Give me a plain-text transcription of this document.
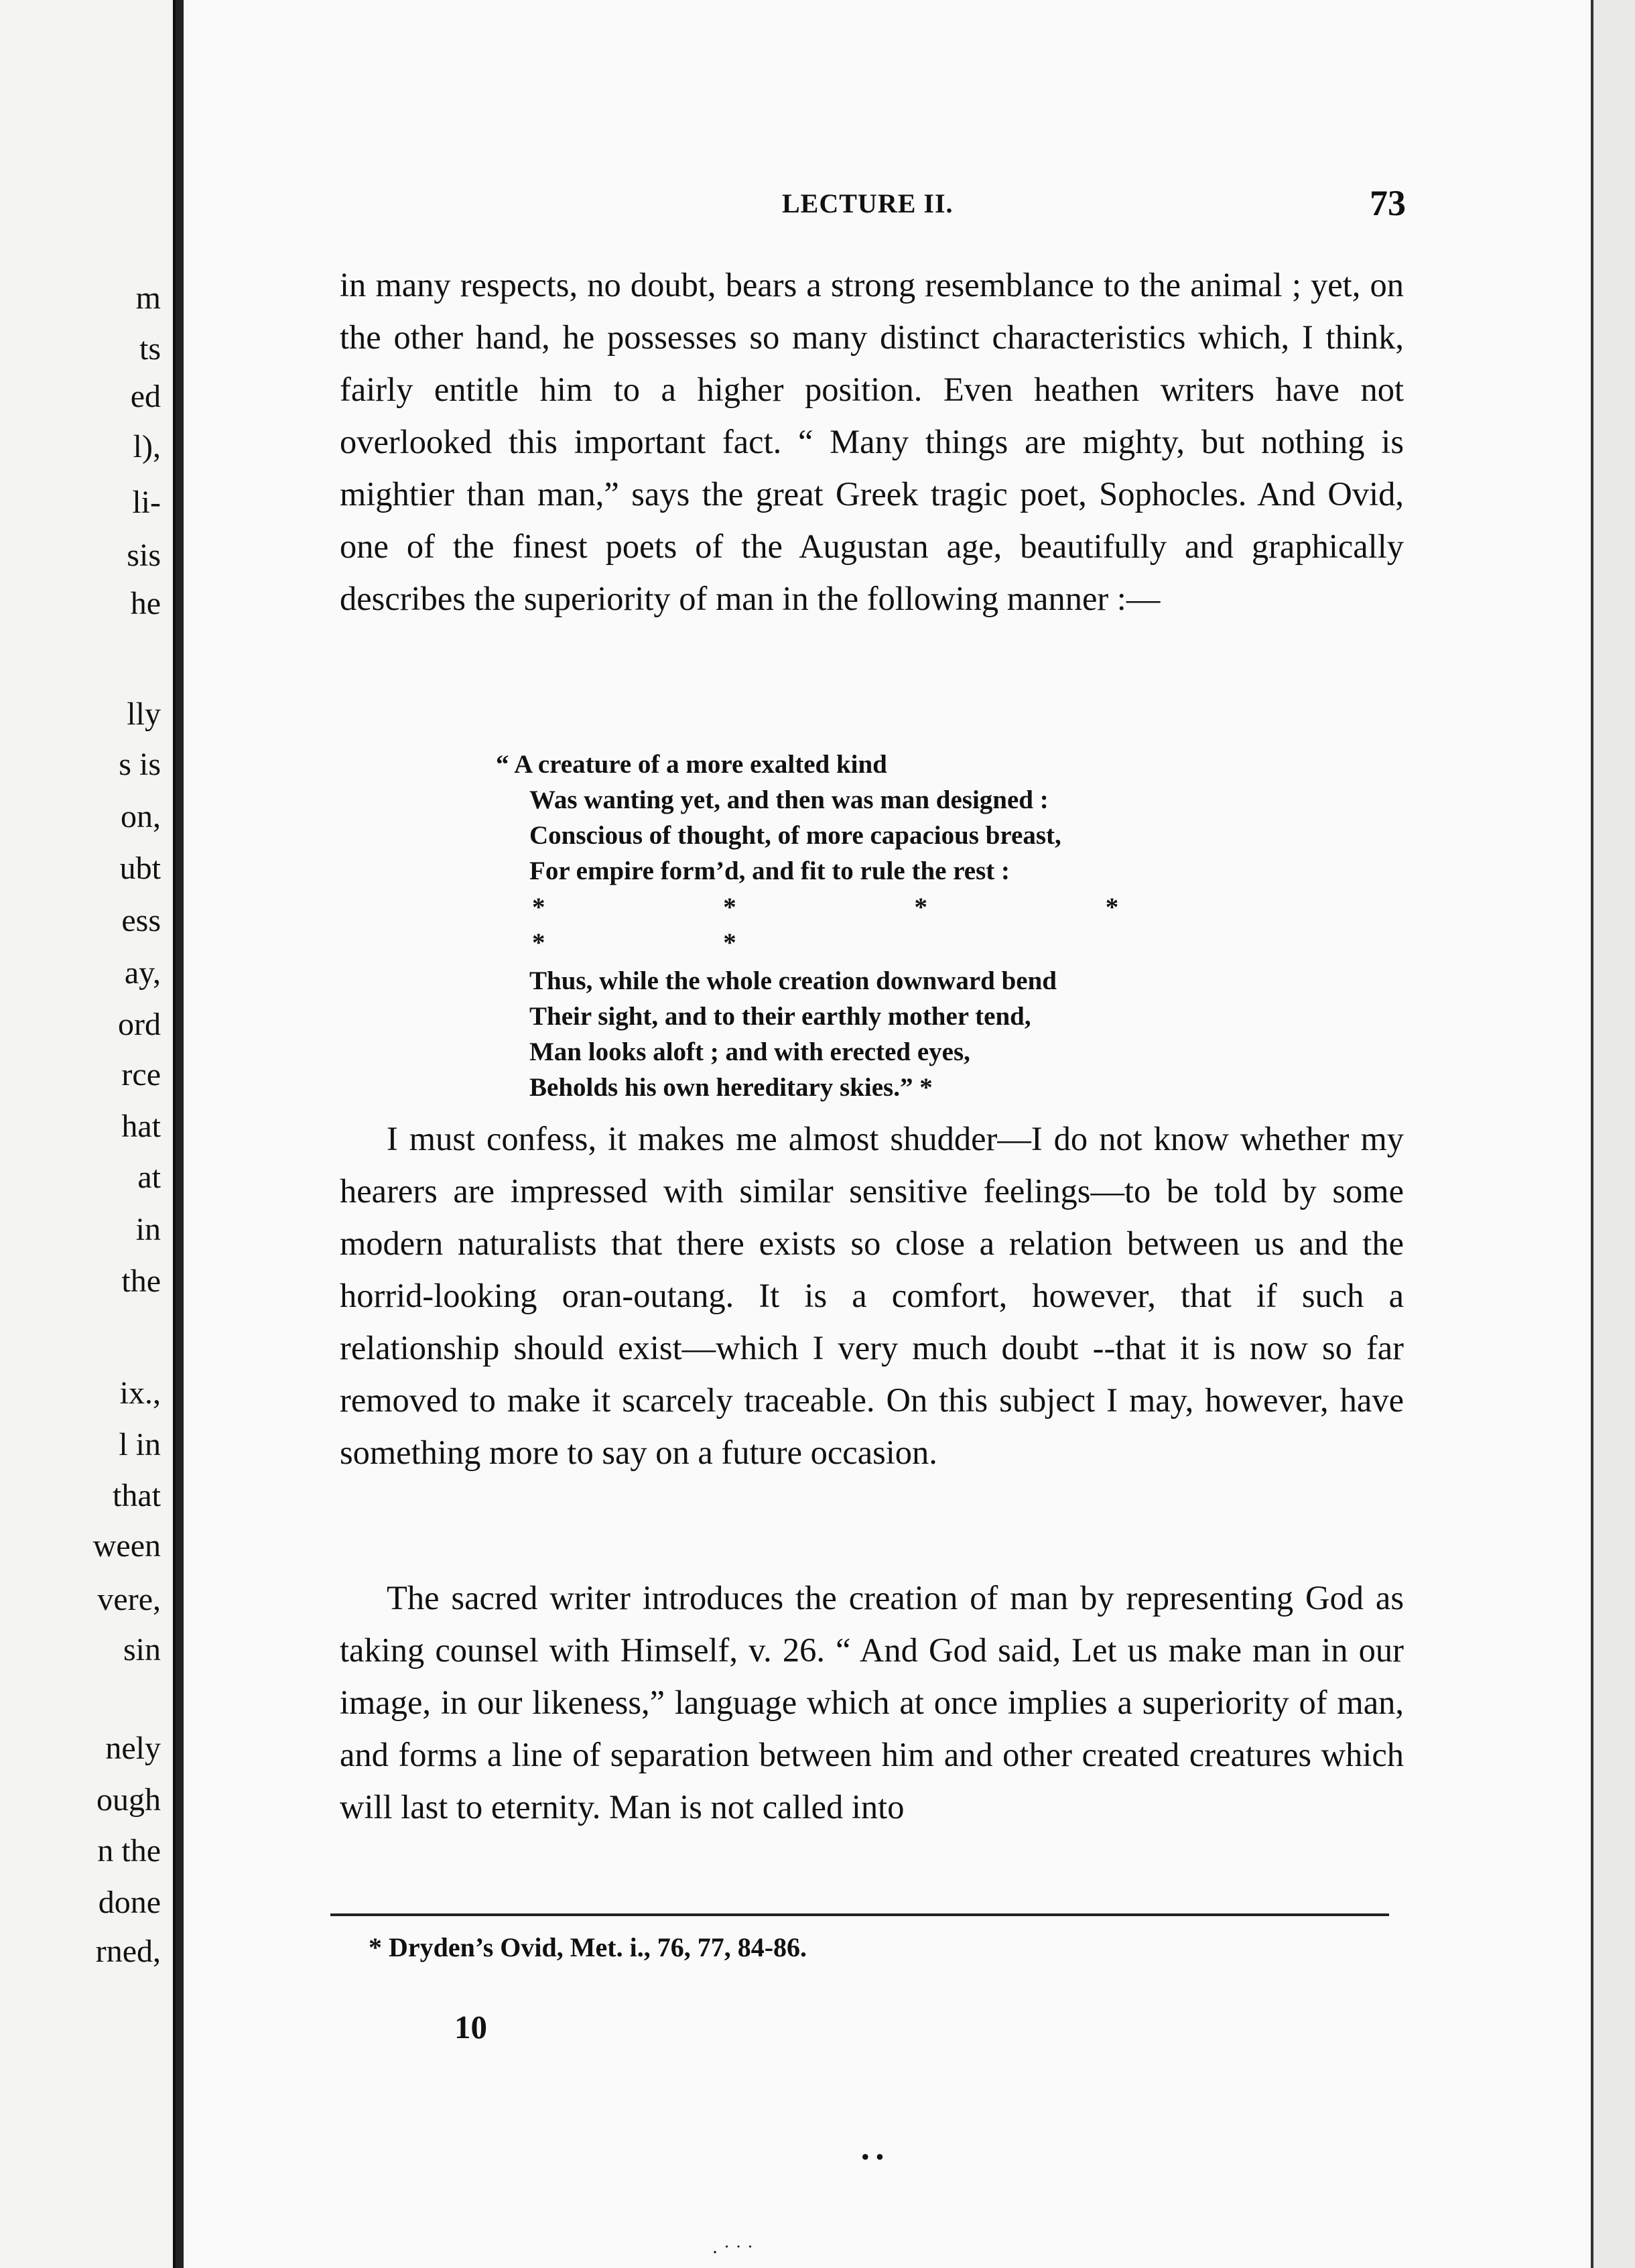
m
ts
ed
l),
li-
sis
he
lly
s is
on,
ubt
ess
ay,
ord
rce
hat
at
in
the
ix.,
l in
that
ween
vere,
sin
nely
ough
n the
done
rned,
LECTURE II.	73

in many respects, no doubt, bears a strong resemblance to the animal ; yet, on the other hand, he possesses so many distinct characteristics which, I think, fairly entitle him to a higher position. Even heathen writers have not overlooked this important fact. “ Many things are mighty, but nothing is mightier than man,” says the great Greek tragic poet, Sophocles. And Ovid, one of the finest poets of the Augustan age, beautifully and graphically describes the superiority of man in the following manner :—

“ A creature of a more exalted kind
Was wanting yet, and then was man designed :
Conscious of thought, of more capacious breast,
For empire form’d, and fit to rule the rest :
* * * * * *
Thus, while the whole creation downward bend
Their sight, and to their earthly mother tend,
Man looks aloft ; and with erected eyes,
Beholds his own hereditary skies.” *

I must confess, it makes me almost shudder—I do not know whether my hearers are impressed with similar sensitive feelings—to be told by some modern naturalists that there exists so close a relation between us and the horrid-looking oran-outang. It is a comfort, however, that if such a relationship should exist—which I very much doubt --that it is now so far removed to make it scarcely traceable. On this subject I may, however, have something more to say on a future occasion.

The sacred writer introduces the creation of man by representing God as taking counsel with Himself, v. 26. “ And God said, Let us make man in our image, in our likeness,” language which at once implies a superiority of man, and forms a line of separation between him and other created creatures which will last to eternity. Man is not called into

* Dryden’s Ovid, Met. i., 76, 77, 84-86.
10
• •
· ˙ ˙ ˙
